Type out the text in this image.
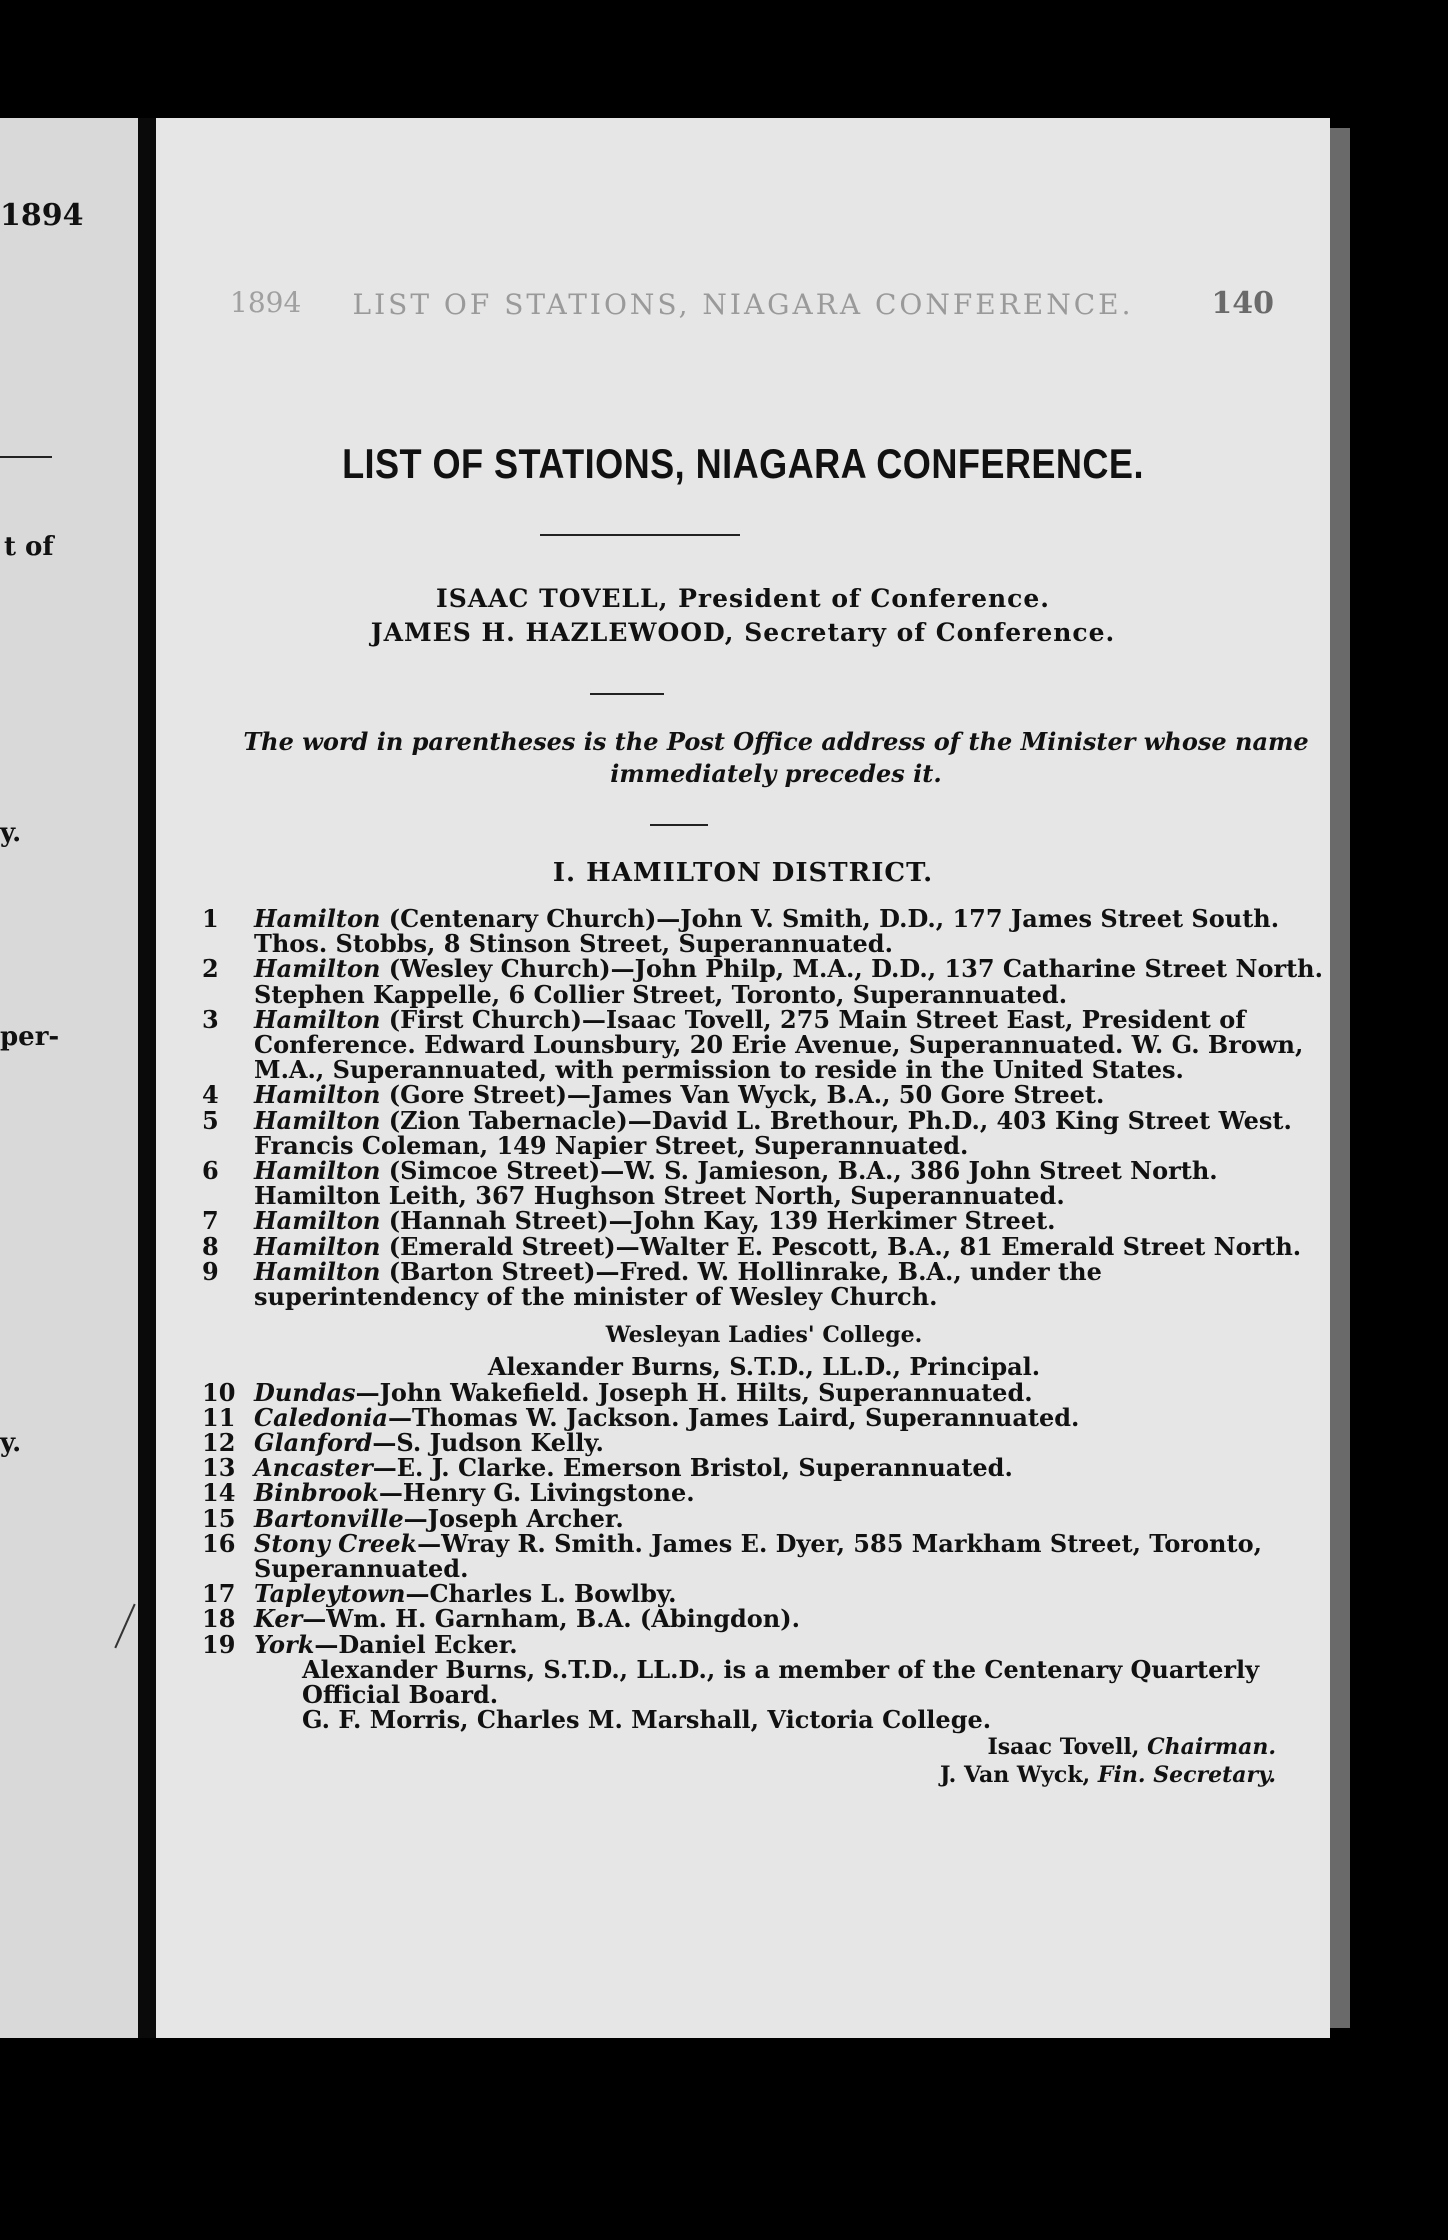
1894
t of
y.
per-
y.
1894	LIST OF STATIONS, NIAGARA CONFERENCE.	140
LIST OF STATIONS, NIAGARA CONFERENCE.
ISAAC TOVELL, President of Conference.
JAMES H. HAZLEWOOD, Secretary of Conference.
The word in parentheses is the Post Office address of the Minister whose name immediately precedes it.
I. HAMILTON DISTRICT.
1 Hamilton (Centenary Church)—John V. Smith, D.D., 177 James Street South. Thos. Stobbs, 8 Stinson Street, Superannuated.
2 Hamilton (Wesley Church)—John Philp, M.A., D.D., 137 Catharine Street North. Stephen Kappelle, 6 Collier Street, Toronto, Superannuated.
3 Hamilton (First Church)—Isaac Tovell, 275 Main Street East, President of Conference. Edward Lounsbury, 20 Erie Avenue, Superannuated. W. G. Brown, M.A., Superannuated, with permission to reside in the United States.
4 Hamilton (Gore Street)—James Van Wyck, B.A., 50 Gore Street.
5 Hamilton (Zion Tabernacle)—David L. Brethour, Ph.D., 403 King Street West. Francis Coleman, 149 Napier Street, Superannuated.
6 Hamilton (Simcoe Street)—W. S. Jamieson, B.A., 386 John Street North. Hamilton Leith, 367 Hughson Street North, Superannuated.
7 Hamilton (Hannah Street)—John Kay, 139 Herkimer Street.
8 Hamilton (Emerald Street)—Walter E. Pescott, B.A., 81 Emerald Street North.
9 Hamilton (Barton Street)—Fred. W. Hollinrake, B.A., under the superintendency of the minister of Wesley Church.
Wesleyan Ladies' College.
Alexander Burns, S.T.D., LL.D., Principal.
10 Dundas—John Wakefield. Joseph H. Hilts, Superannuated.
11 Caledonia—Thomas W. Jackson. James Laird, Superannuated.
12 Glanford—S. Judson Kelly.
13 Ancaster—E. J. Clarke. Emerson Bristol, Superannuated.
14 Binbrook—Henry G. Livingstone.
15 Bartonville—Joseph Archer.
16 Stony Creek—Wray R. Smith. James E. Dyer, 585 Markham Street, Toronto, Superannuated.
17 Tapleytown—Charles L. Bowlby.
18 Ker—Wm. H. Garnham, B.A. (Abingdon).
19 York—Daniel Ecker.
Alexander Burns, S.T.D., LL.D., is a member of the Centenary Quarterly Official Board.
G. F. Morris, Charles M. Marshall, Victoria College.
Isaac Tovell, Chairman.
J. Van Wyck, Fin. Secretary.
